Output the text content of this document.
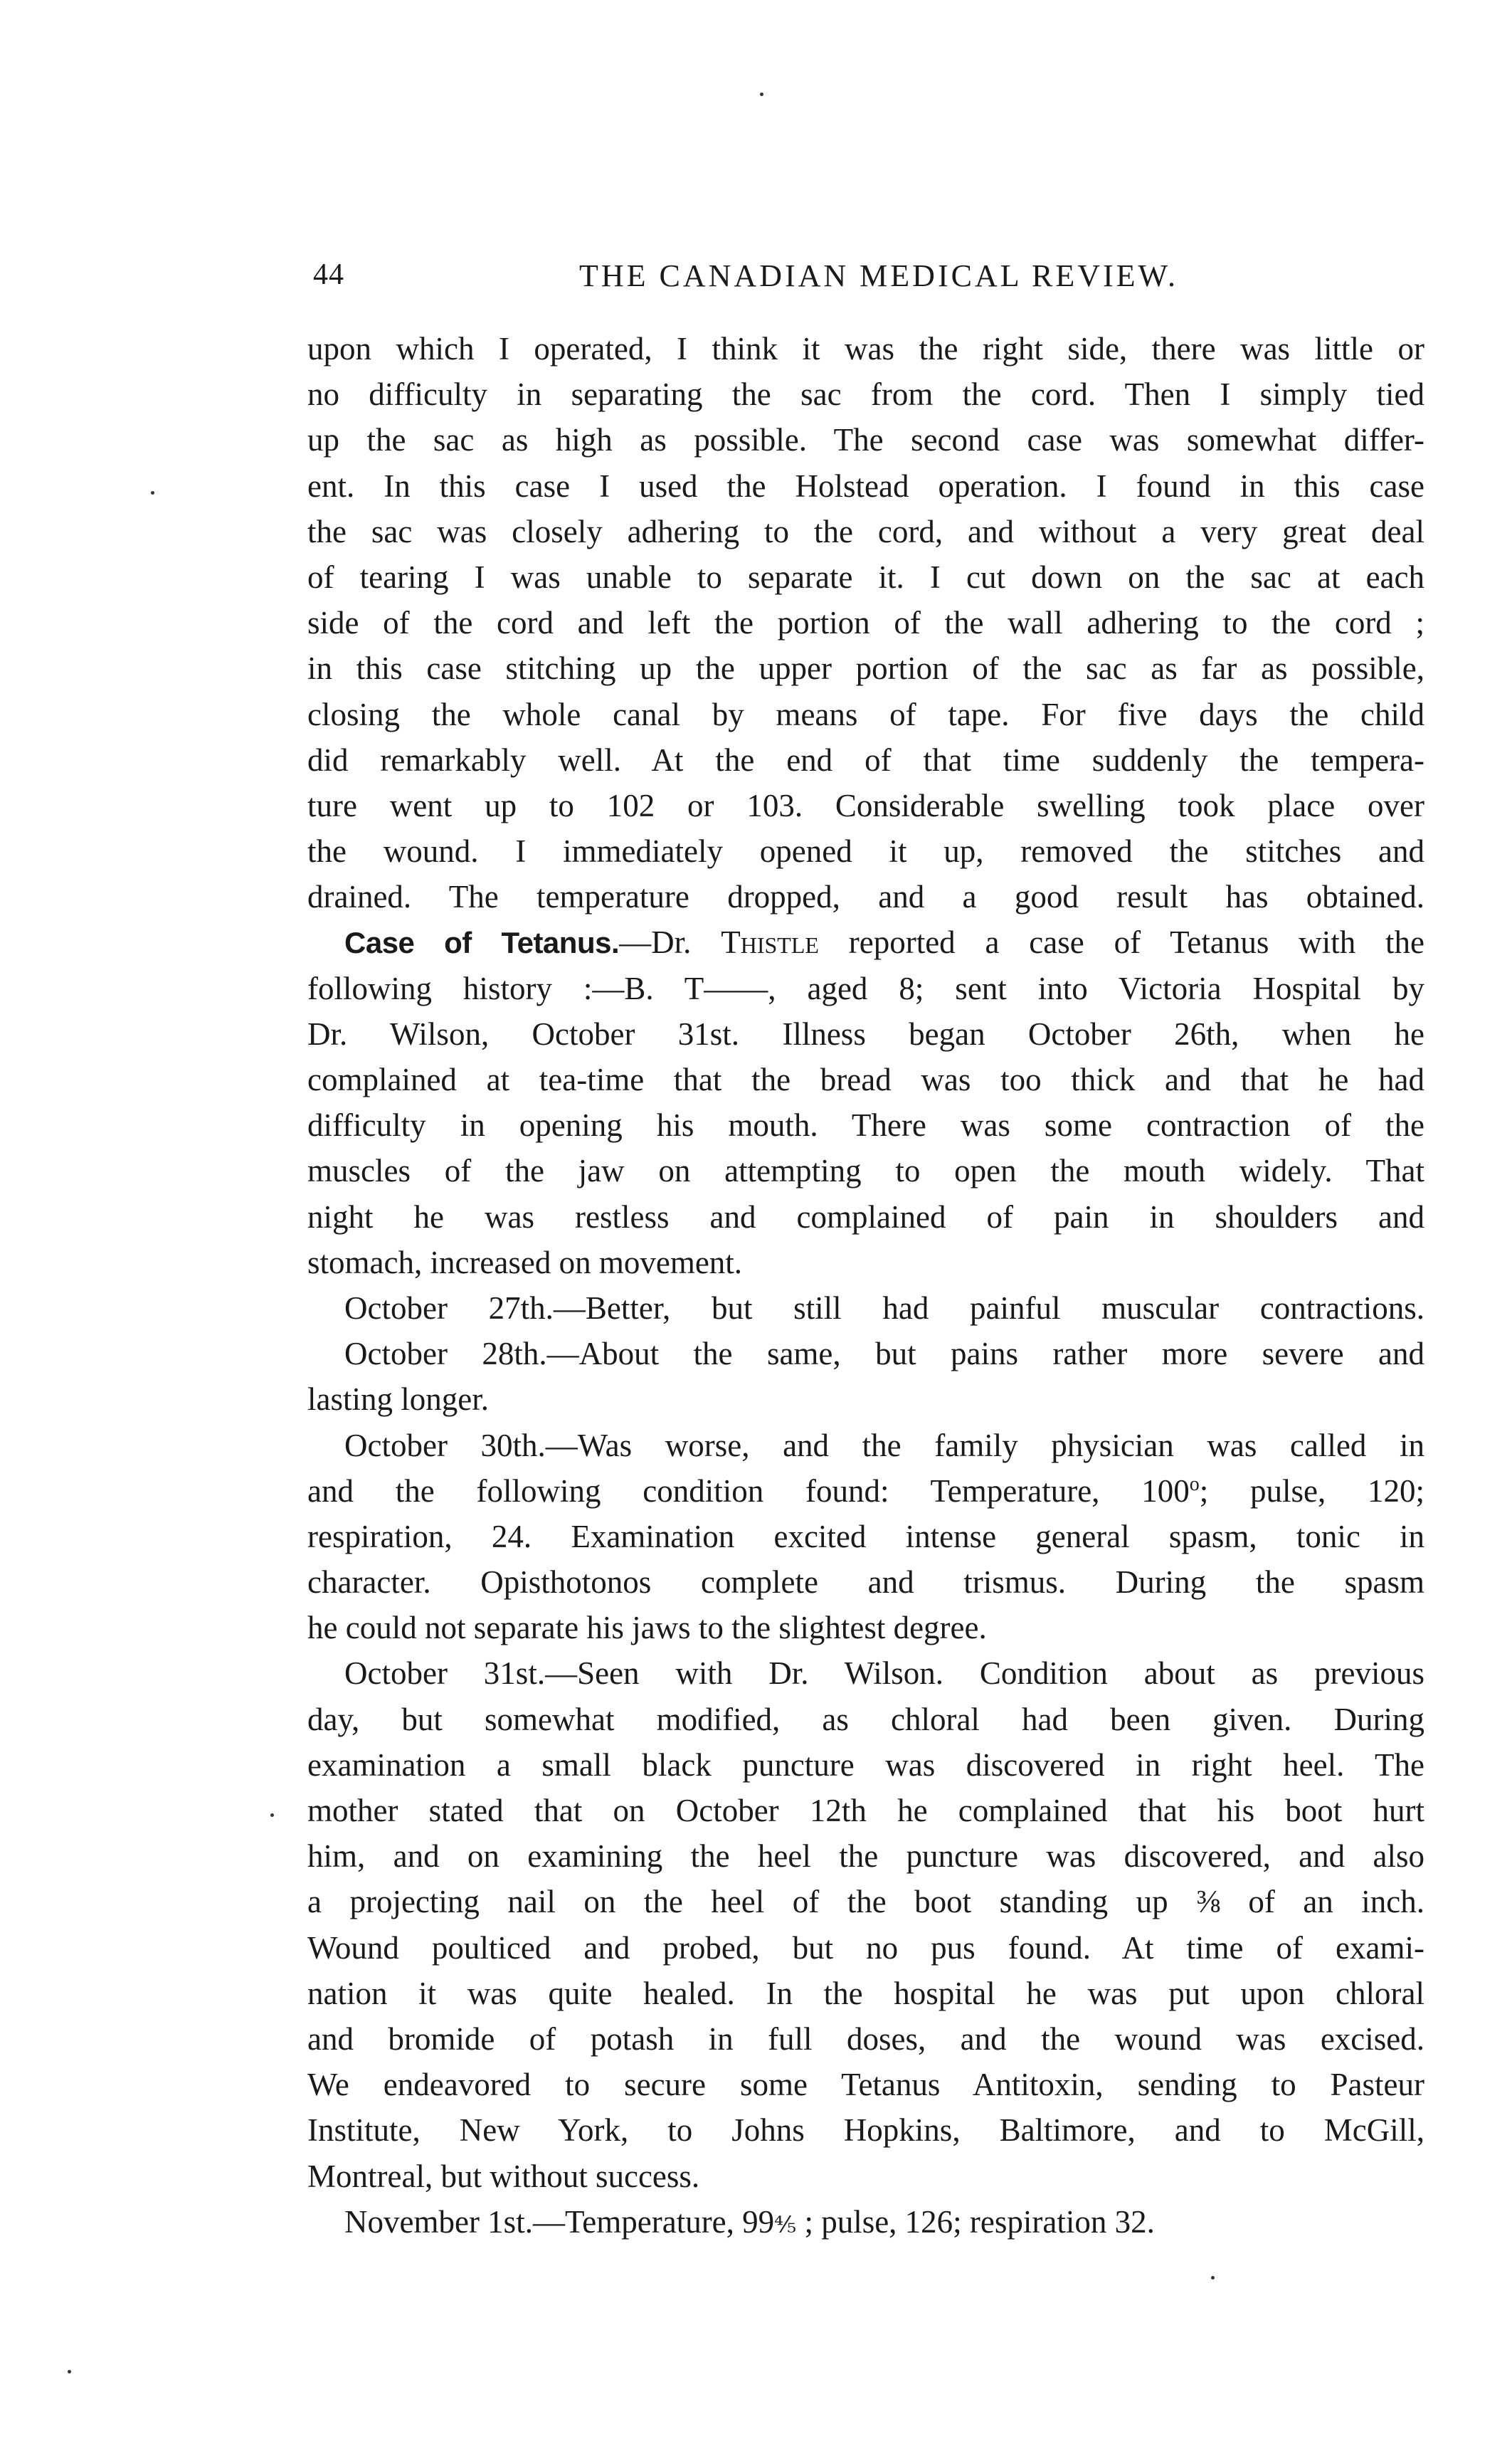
44	THE CANADIAN MEDICAL REVIEW.
upon which I operated, I think it was the right side, there was little or
no difficulty in separating the sac from the cord. Then I simply tied
up the sac as high as possible. The second case was somewhat differ-
ent. In this case I used the Holstead operation. I found in this case
the sac was closely adhering to the cord, and without a very great deal
of tearing I was unable to separate it. I cut down on the sac at each
side of the cord and left the portion of the wall adhering to the cord ;
in this case stitching up the upper portion of the sac as far as possible,
closing the whole canal by means of tape. For five days the child
did remarkably well. At the end of that time suddenly the tempera-
ture went up to 102 or 103. Considerable swelling took place over
the wound. I immediately opened it up, removed the stitches and
drained. The temperature dropped, and a good result has obtained.
Case of Tetanus.—Dr. Thistle reported a case of Tetanus with the
following history :—B. T——, aged 8; sent into Victoria Hospital by
Dr. Wilson, October 31st. Illness began October 26th, when he
complained at tea-time that the bread was too thick and that he had
difficulty in opening his mouth. There was some contraction of the
muscles of the jaw on attempting to open the mouth widely. That
night he was restless and complained of pain in shoulders and
stomach, increased on movement.
October 27th.—Better, but still had painful muscular contractions.
October 28th.—About the same, but pains rather more severe and
lasting longer.
October 30th.—Was worse, and the family physician was called in
and the following condition found: Temperature, 100$^o$; pulse, 120;
respiration, 24. Examination excited intense general spasm, tonic in
character. Opisthotonos complete and trismus. During the spasm
he could not separate his jaws to the slightest degree.
October 31st.—Seen with Dr. Wilson. Condition about as previous
day, but somewhat modified, as chloral had been given. During
examination a small black puncture was discovered in right heel. The
mother stated that on October 12th he complained that his boot hurt
him, and on examining the heel the puncture was discovered, and also
a projecting nail on the heel of the boot standing up ⅜ of an inch.
Wound poulticed and probed, but no pus found. At time of exami-
nation it was quite healed. In the hospital he was put upon chloral
and bromide of potash in full doses, and the wound was excised.
We endeavored to secure some Tetanus Antitoxin, sending to Pasteur
Institute, New York, to Johns Hopkins, Baltimore, and to McGill,
Montreal, but without success.
November 1st.—Temperature, 99⅘ ; pulse, 126; respiration 32.
